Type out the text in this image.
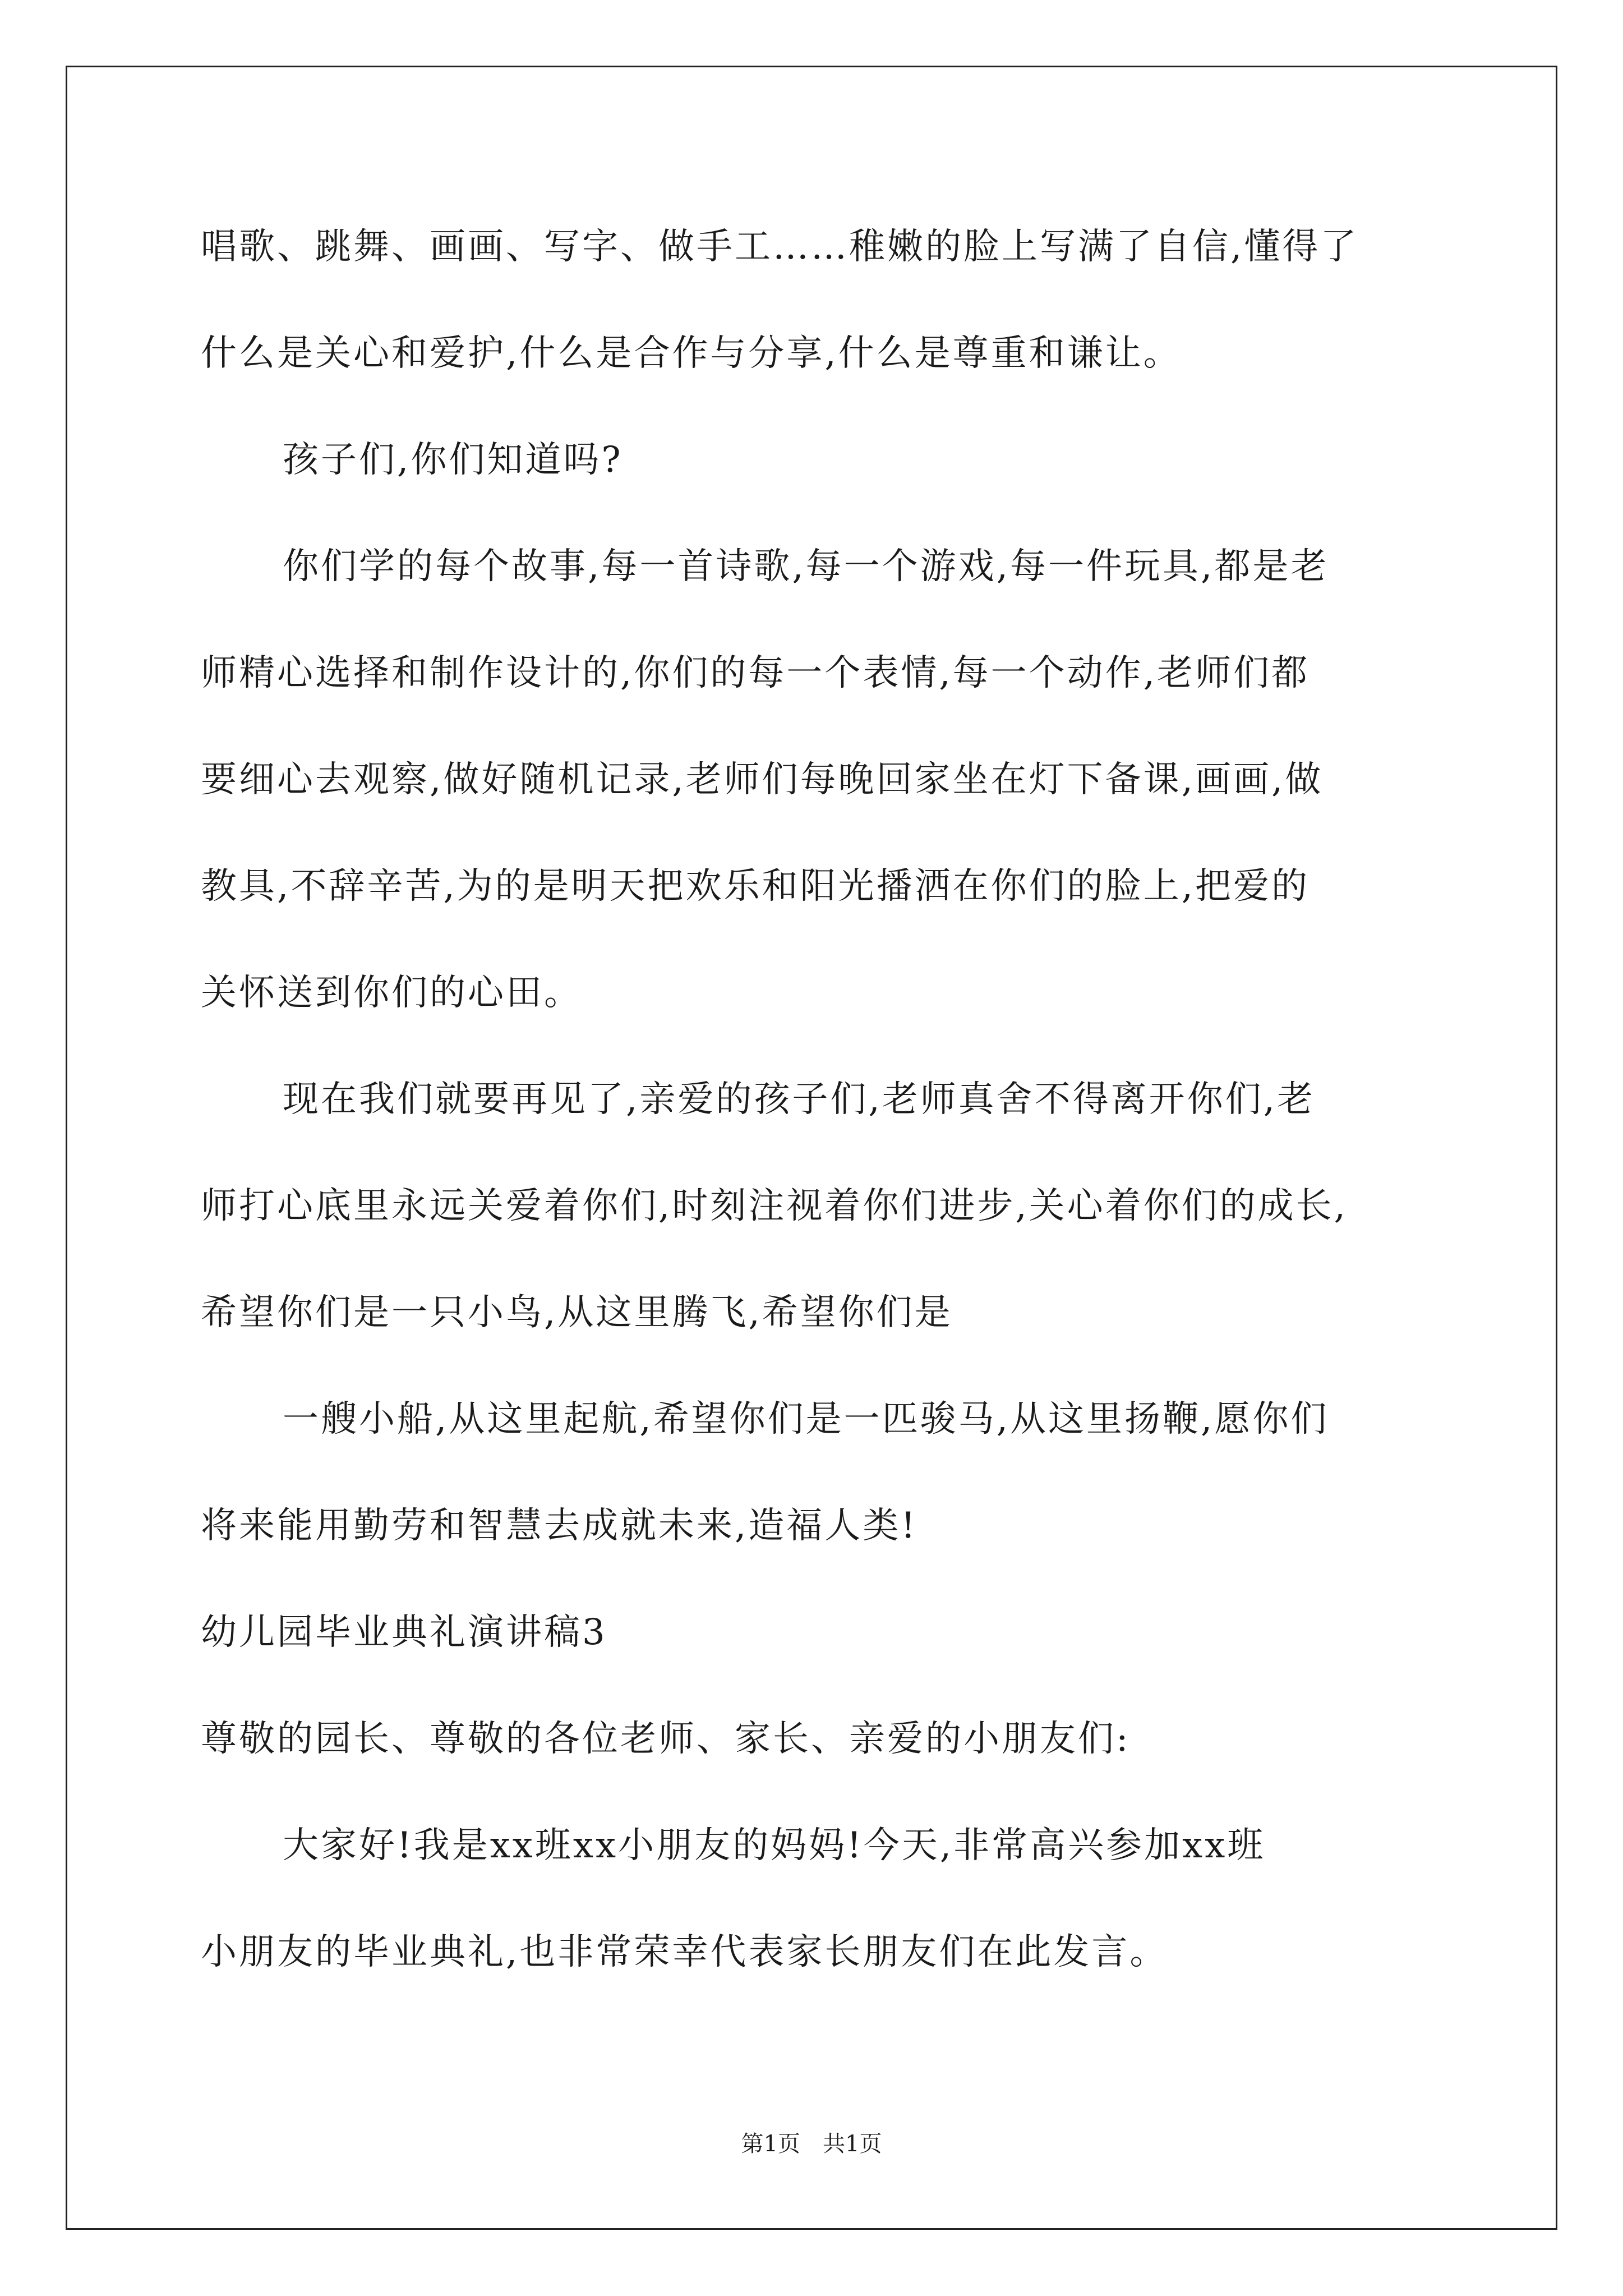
唱歌、跳舞、画画、写字、做手工……稚嫩的脸上写满了自信,懂得了
什么是关心和爱护,什么是合作与分享,什么是尊重和谦让。
孩子们,你们知道吗?
你们学的每个故事,每一首诗歌,每一个游戏,每一件玩具,都是老
师精心选择和制作设计的,你们的每一个表情,每一个动作,老师们都
要细心去观察,做好随机记录,老师们每晚回家坐在灯下备课,画画,做
教具,不辞辛苦,为的是明天把欢乐和阳光播洒在你们的脸上,把爱的
关怀送到你们的心田。
现在我们就要再见了,亲爱的孩子们,老师真舍不得离开你们,老
师打心底里永远关爱着你们,时刻注视着你们进步,关心着你们的成长,
希望你们是一只小鸟,从这里腾飞,希望你们是
一艘小船,从这里起航,希望你们是一匹骏马,从这里扬鞭,愿你们
将来能用勤劳和智慧去成就未来,造福人类!
幼儿园毕业典礼演讲稿3
尊敬的园长、尊敬的各位老师、家长、亲爱的小朋友们:
大家好!我是xx班xx小朋友的妈妈!今天,非常高兴参加xx班
小朋友的毕业典礼,也非常荣幸代表家长朋友们在此发言。
第1页 共1页
